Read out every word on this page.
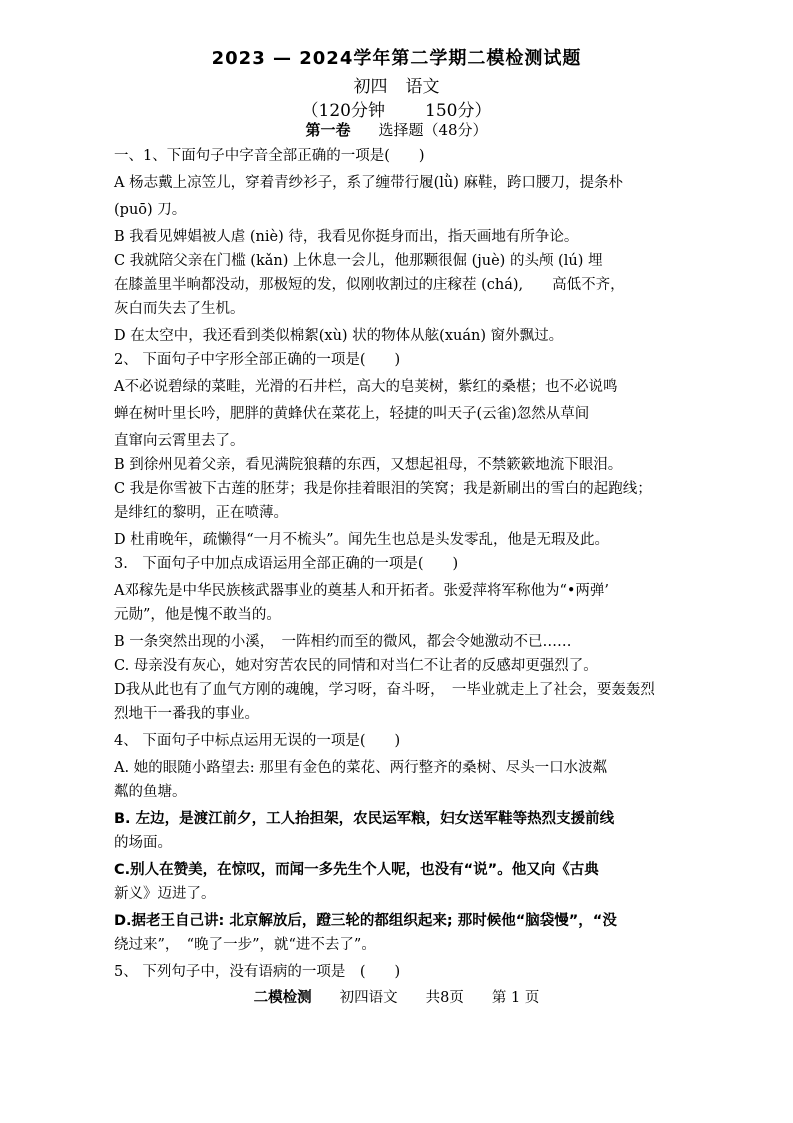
2023 — 2024学年第二学期二模检测试题
初四 语文
（120分钟 150分）
第一卷 选择题（48分）
一、1、下面句子中字音全部正确的一项是(　　)
A 杨志戴上凉笠儿，穿着青纱衫子，系了缠带行履(lǜ) 麻鞋，跨口腰刀，提条朴
(puō) 刀。
B 我看见婢娼被人虐 (niè) 待，我看见你挺身而出，指天画地有所争论。
C 我就陪父亲在门槛 (kǎn) 上休息一会儿，他那颗很倔 (juè) 的头颅 (lú) 埋
在膝盖里半晌都没动，那极短的发，似刚收割过的庄稼茬 (chá),　　高低不齐，
灰白而失去了生机。
D 在太空中，我还看到类似棉絮(xù) 状的物体从舷(xuán) 窗外飘过。
2、 下面句子中字形全部正确的一项是(　　)
A不必说碧绿的菜畦，光滑的石井栏，高大的皂荚树，紫红的桑椹；也不必说鸣
蝉在树叶里长吟，肥胖的黄蜂伏在菜花上，轻捷的叫天子(云雀)忽然从草间
直窜向云霄里去了。
B 到徐州见着父亲，看见满院狼藉的东西，又想起祖母，不禁簌簌地流下眼泪。
C 我是你雪被下古莲的胚芽；我是你挂着眼泪的笑窝；我是新刷出的雪白的起跑线；
是绯红的黎明，正在喷薄。
D 杜甫晚年，疏懒得“一月不梳头”。闻先生也总是头发零乱，他是无瑕及此。
3.　下面句子中加点成语运用全部正确的一项是(　　)
A邓稼先是中华民族核武器事业的奠基人和开拓者。张爱萍将军称他为“•两弹’
元勋”，他是愧不敢当的。
B 一条突然出现的小溪，　一阵相约而至的微风，都会令她激动不已……
C. 母亲没有灰心，她对穷苦农民的同情和对当仁不让者的反感却更强烈了。
D我从此也有了血气方刚的魂魄，学习呀，奋斗呀，　一毕业就走上了社会，要轰轰烈
烈地干一番我的事业。
4、 下面句子中标点运用无误的一项是(　　)
A. 她的眼随小路望去: 那里有金色的菜花、两行整齐的桑树、尽头一口水波粼
粼的鱼塘。
B. 左边，是渡江前夕，工人抬担架，农民运军粮，妇女送军鞋等热烈支援前线
的场面。
C.别人在赞美，在惊叹，而闻一多先生个人呢，也没有“说”。他又向《古典
新义》迈进了。
D.据老王自己讲: 北京解放后，蹬三轮的都组织起来; 那时候他“脑袋慢”，“没
绕过来”，　“晚了一步”，就“进不去了”。
5、 下列句子中，没有语病的一项是　(　　)
二模检测 初四语文 共8页 第 1 页
